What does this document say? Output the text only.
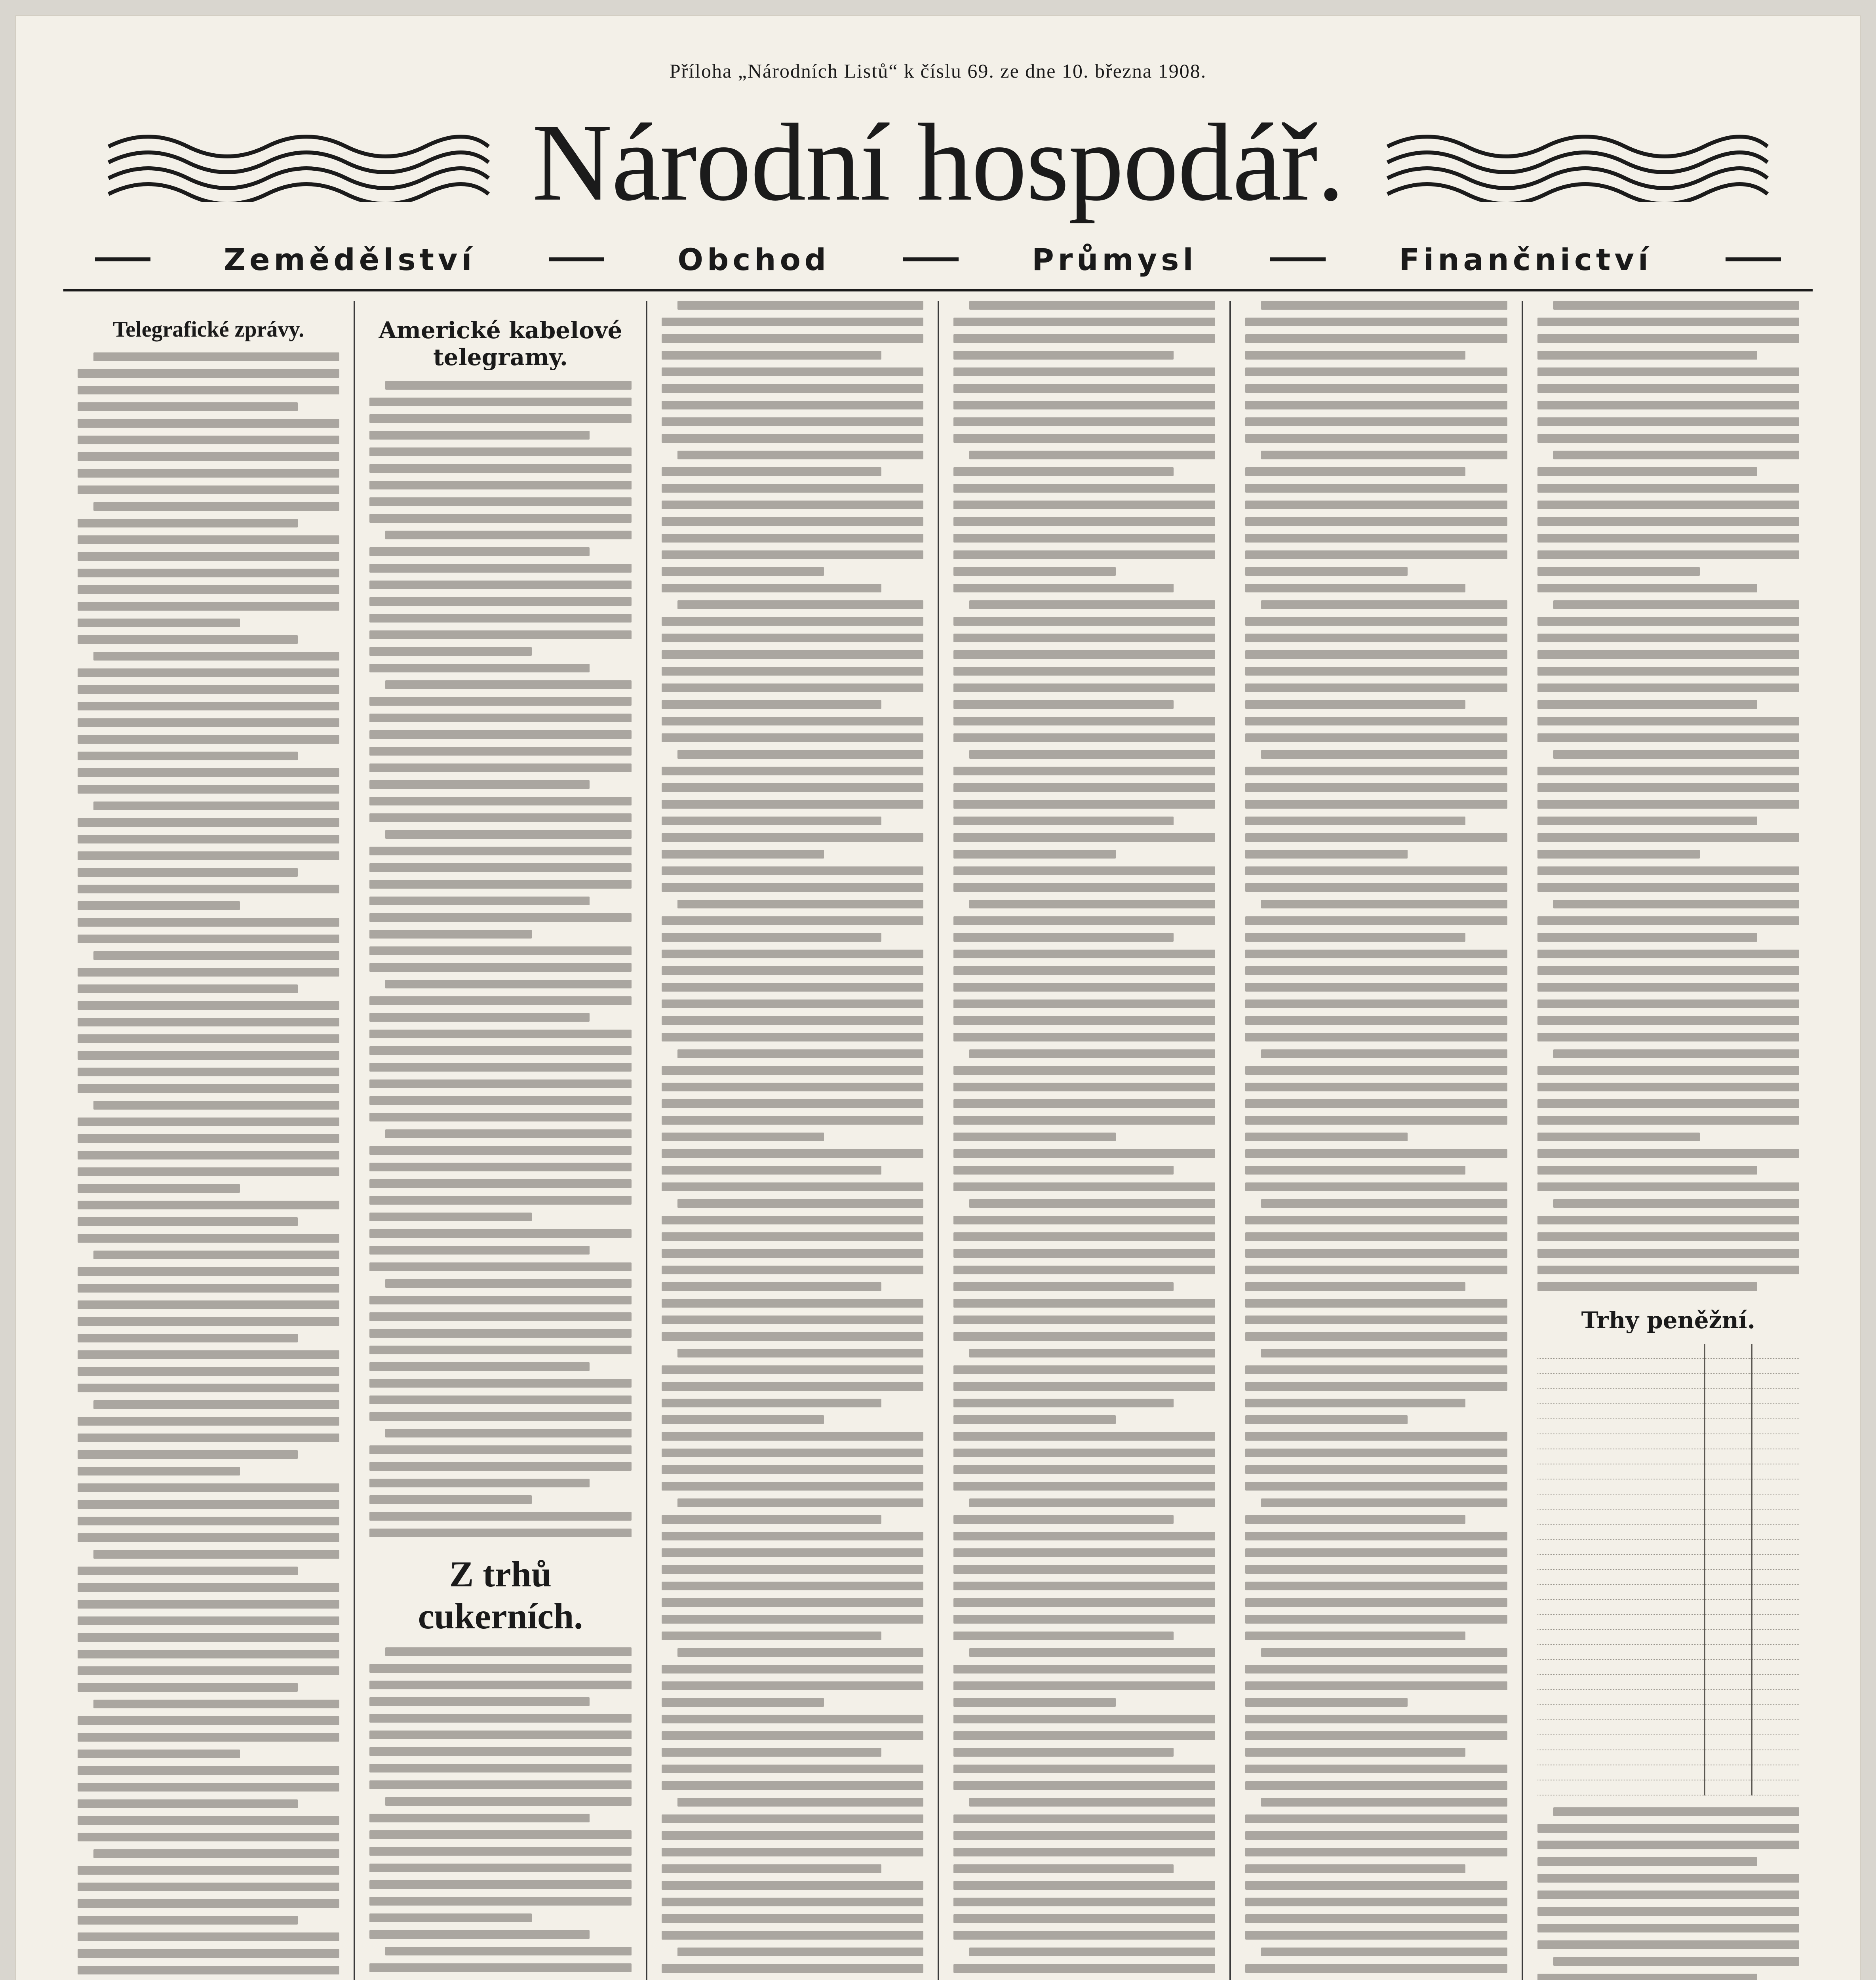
Příloha „Národních Listů“ k číslu 69. ze dne 10. března 1908.
Národní hospodář.
Zemědělství	Obchod	Průmysl	Finančnictví
Telegrafické zprávy.	Americké kabelové telegramy.
Z trhů cukerních.
Trhy peněžní.
